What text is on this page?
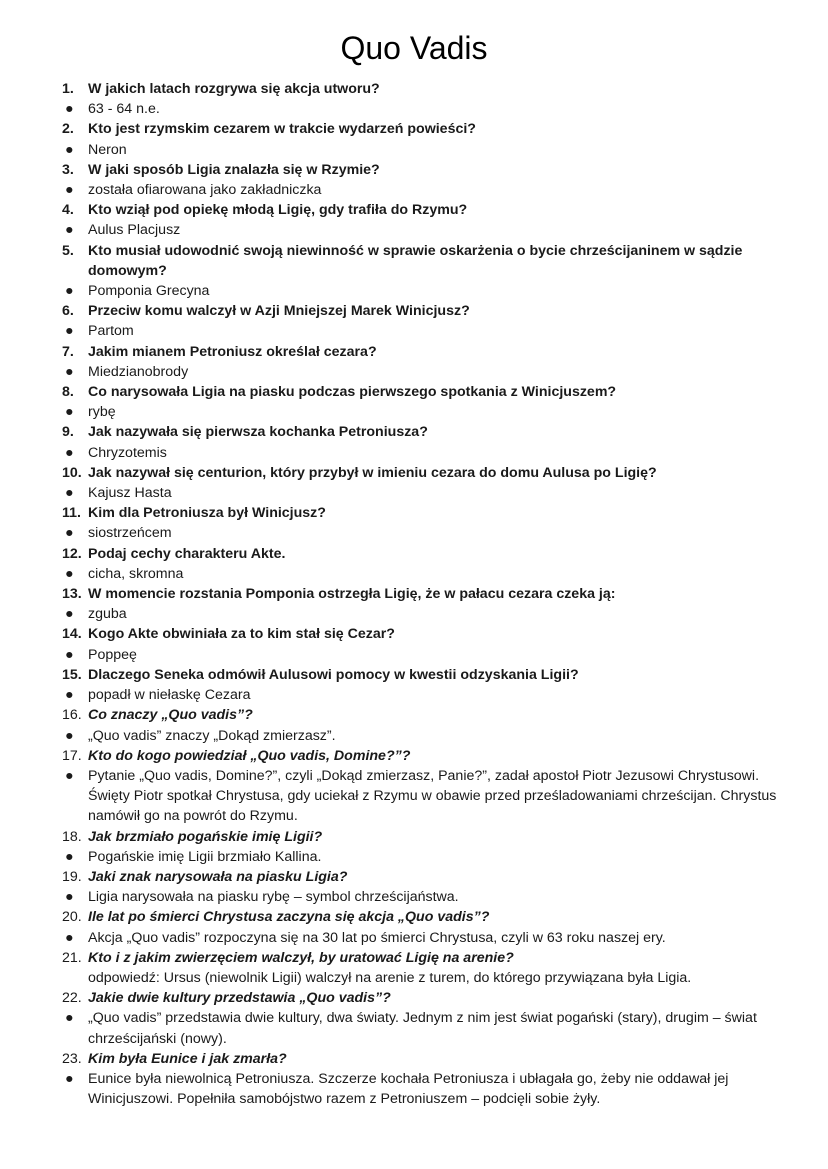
Quo Vadis
1. W jakich latach rozgrywa się akcja utworu?
●	63 - 64 n.e.
2. Kto jest rzymskim cezarem w trakcie wydarzeń powieści?
●	Neron
3. W jaki sposób Ligia znalazła się w Rzymie?
●	została ofiarowana jako zakładniczka
4. Kto wziął pod opiekę młodą Ligię, gdy trafiła do Rzymu?
●	Aulus Placjusz
5. Kto musiał udowodnić swoją niewinność w sprawie oskarżenia o bycie chrześcijaninem w sądzie domowym?
●	Pomponia Grecyna
6. Przeciw komu walczył w Azji Mniejszej Marek Winicjusz?
●	Partom
7. Jakim mianem Petroniusz określał cezara?
●	Miedzianobrody
8. Co narysowała Ligia na piasku podczas pierwszego spotkania z Winicjuszem?
●	rybę
9. Jak nazywała się pierwsza kochanka Petroniusza?
●	Chryzotemis
10. Jak nazywał się centurion, który przybył w imieniu cezara do domu Aulusa po Ligię?
●	Kajusz Hasta
11. Kim dla Petroniusza był Winicjusz?
●	siostrzeńcem
12. Podaj cechy charakteru Akte.
●	cicha, skromna
13. W momencie rozstania Pomponia ostrzegła Ligię, że w pałacu cezara czeka ją:
●	zguba
14. Kogo Akte obwiniała za to kim stał się Cezar?
●	Poppeę
15. Dlaczego Seneka odmówił Aulusowi pomocy w kwestii odzyskania Ligii?
●	popadł w niełaskę Cezara
16. Co znaczy „Quo vadis”?
●	„Quo vadis” znaczy „Dokąd zmierzasz”.
17. Kto do kogo powiedział „Quo vadis, Domine?”?
●	Pytanie „Quo vadis, Domine?”, czyli „Dokąd zmierzasz, Panie?”, zadał apostoł Piotr Jezusowi Chrystusowi. Święty Piotr spotkał Chrystusa, gdy uciekał z Rzymu w obawie przed prześladowaniami chrześcijan. Chrystus namówił go na powrót do Rzymu.
18. Jak brzmiało pogańskie imię Ligii?
●	Pogańskie imię Ligii brzmiało Kallina.
19. Jaki znak narysowała na piasku Ligia?
●	Ligia narysowała na piasku rybę – symbol chrześcijaństwa.
20. Ile lat po śmierci Chrystusa zaczyna się akcja „Quo vadis”?
●	Akcja „Quo vadis” rozpoczyna się na 30 lat po śmierci Chrystusa, czyli w 63 roku naszej ery.
21. Kto i z jakim zwierzęciem walczył, by uratować Ligię na arenie?
odpowiedź: Ursus (niewolnik Ligii) walczył na arenie z turem, do którego przywiązana była Ligia.
22. Jakie dwie kultury przedstawia „Quo vadis”?
●	„Quo vadis” przedstawia dwie kultury, dwa światy. Jednym z nim jest świat pogański (stary), drugim – świat chrześcijański (nowy).
23. Kim była Eunice i jak zmarła?
●	Eunice była niewolnicą Petroniusza. Szczerze kochała Petroniusza i ubłagała go, żeby nie oddawał jej Winicjuszowi. Popełniła samobójstwo razem z Petroniuszem – podcięli sobie żyły.
